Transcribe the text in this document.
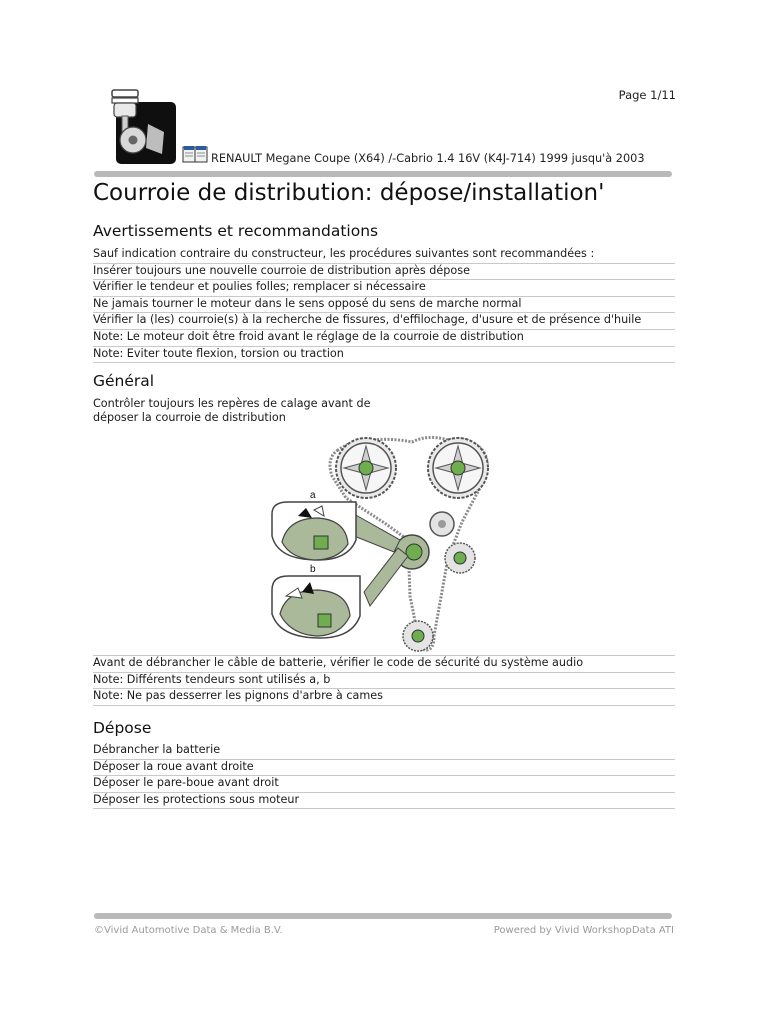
Page 1/11
RENAULT Megane Coupe (X64) /-Cabrio 1.4 16V (K4J-714) 1999 jusqu'à 2003
Courroie de distribution: dépose/installation'
Avertissements et recommandations
Sauf indication contraire du constructeur, les procédures suivantes sont recommandées :
Insérer toujours une nouvelle courroie de distribution après dépose
Vérifier le tendeur et poulies folles; remplacer si nécessaire
Ne jamais tourner le moteur dans le sens opposé du sens de marche normal
Vérifier la (les) courroie(s) à la recherche de fissures, d'effilochage, d'usure et de présence d'huile
Note: Le moteur doit être froid avant le réglage de la courroie de distribution
Note: Eviter toute flexion, torsion ou traction
Général
Contrôler toujours les repères de calage avant de
déposer la courroie de distribution
a
b
Avant de débrancher le câble de batterie, vérifier le code de sécurité du système audio
Note: Différents tendeurs sont utilisés a, b
Note: Ne pas desserrer les pignons d'arbre à cames
Dépose
Débrancher la batterie
Déposer la roue avant droite
Déposer le pare-boue avant droit
Déposer les protections sous moteur
©Vivid Automotive Data & Media B.V.	Powered by Vivid WorkshopData ATI
